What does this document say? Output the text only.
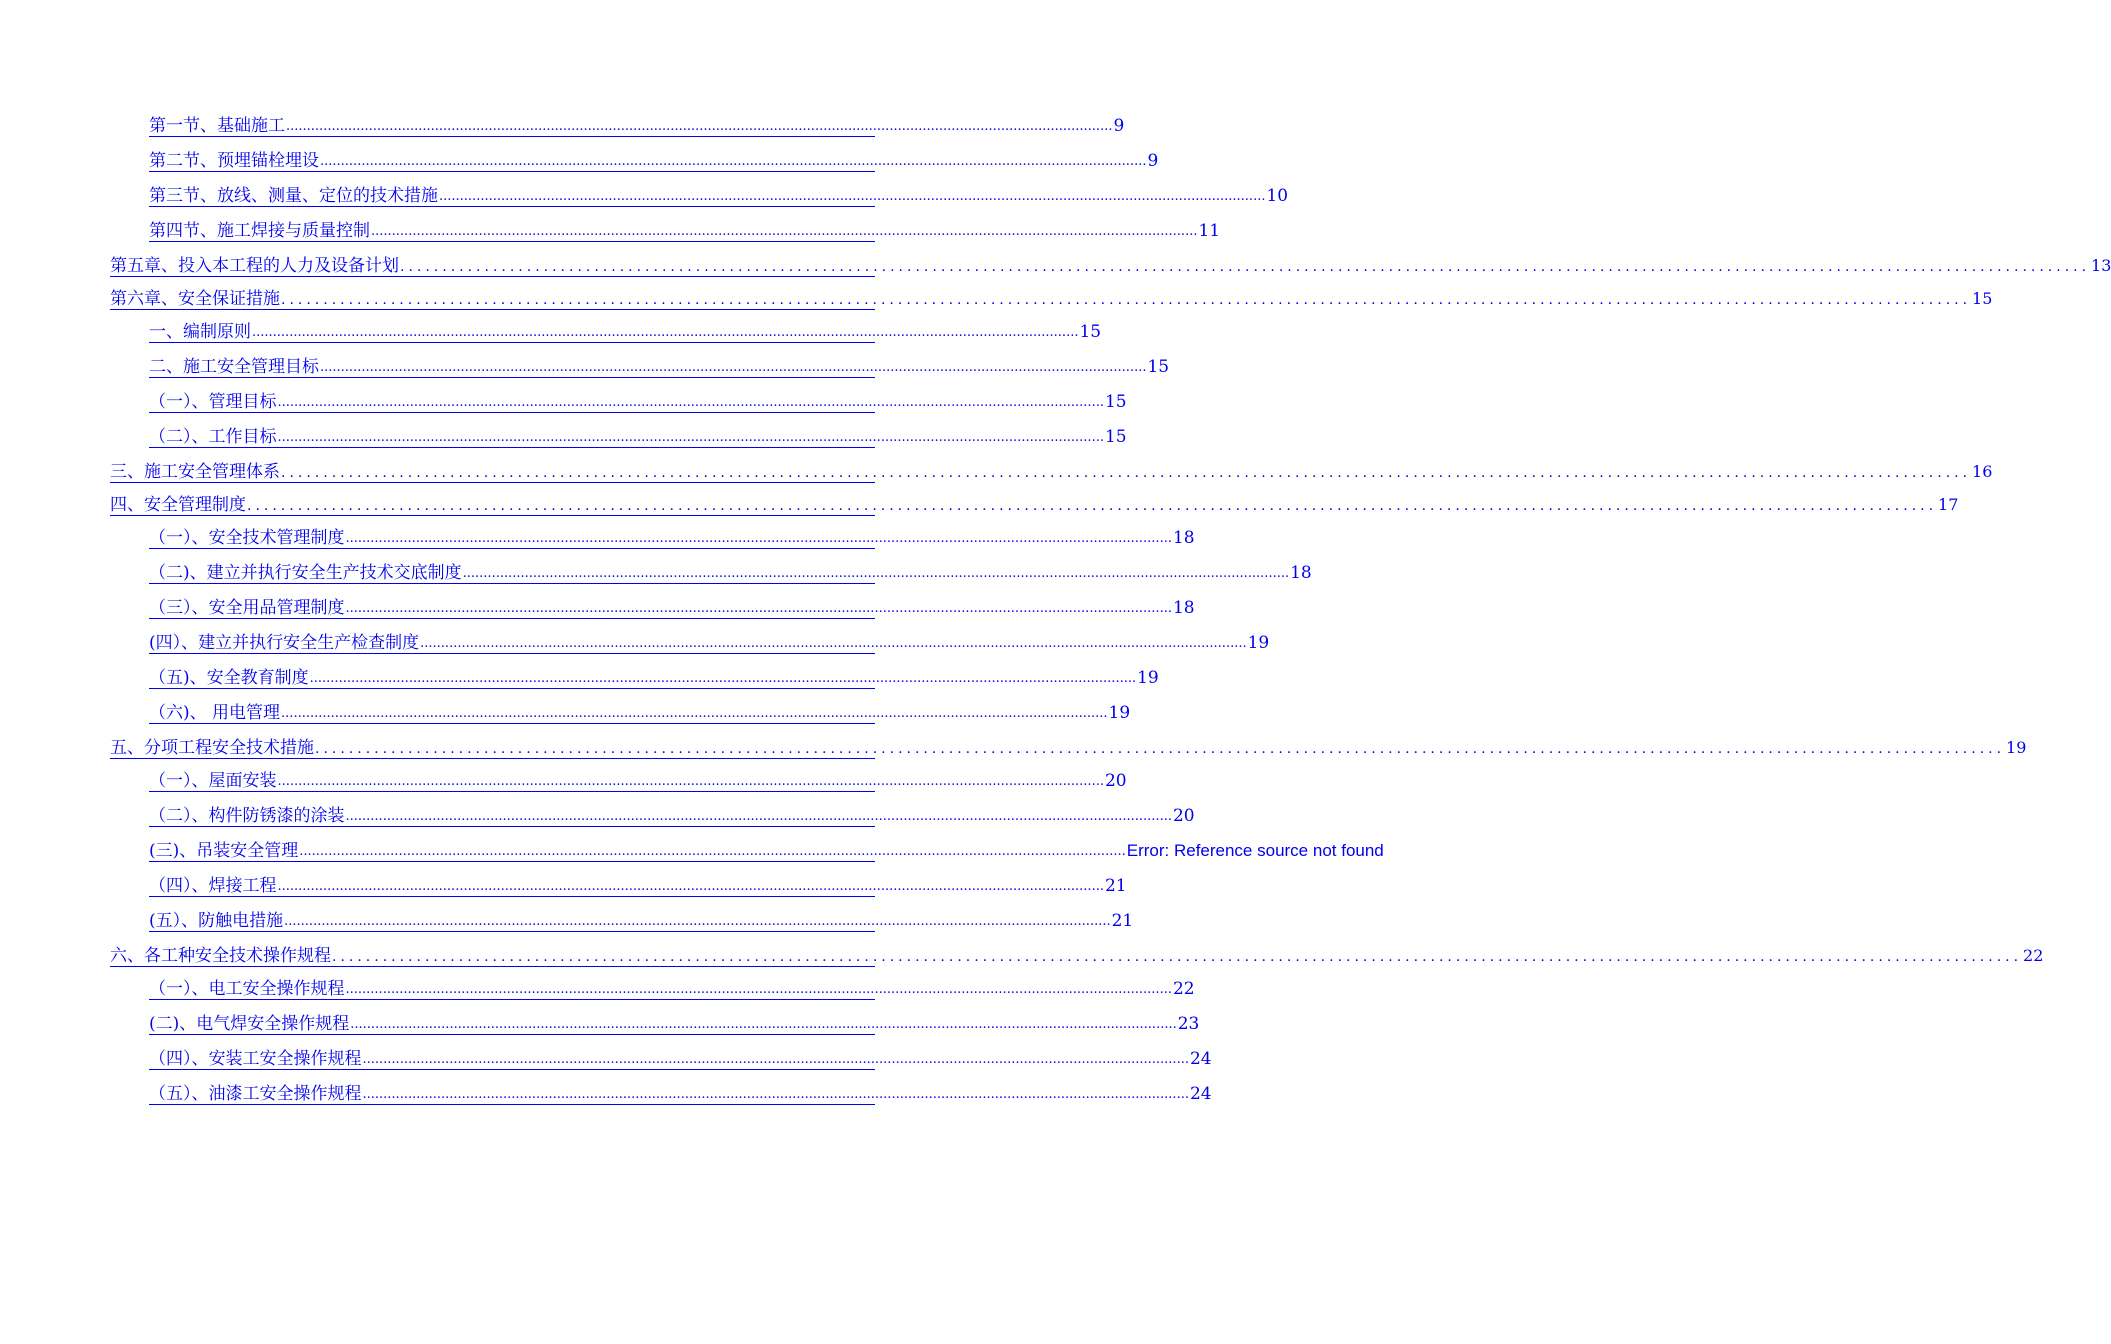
第一节、基础施工 ........................................................................................................................................................................................................ 9
第二节、预埋锚栓埋设 ........................................................................................................................................................................................................ 9
第三节、放线、测量、定位的技术措施 ........................................................................................................................................................................................................ 10
第四节、施工焊接与质量控制 ........................................................................................................................................................................................................ 11
第五章、投入本工程的人力及设备计划 ........................................................................................................................................................................................................ 13
第六章、安全保证措施 ........................................................................................................................................................................................................ 15
一、编制原则 ........................................................................................................................................................................................................ 15
二、施工安全管理目标 ........................................................................................................................................................................................................ 15
（一）、管理目标 ........................................................................................................................................................................................................ 15
（二）、工作目标 ........................................................................................................................................................................................................ 15
三、施工安全管理体系 ........................................................................................................................................................................................................ 16
四、安全管理制度 ........................................................................................................................................................................................................ 17
（一）、安全技术管理制度 ........................................................................................................................................................................................................ 18
（二)、建立并执行安全生产技术交底制度 ........................................................................................................................................................................................................ 18
（三）、安全用品管理制度 ........................................................................................................................................................................................................ 18
(四）、建立并执行安全生产检查制度 ........................................................................................................................................................................................................ 19
（五)、安全教育制度 ........................................................................................................................................................................................................ 19
（六)、 用电管理 ........................................................................................................................................................................................................ 19
五、分项工程安全技术措施 ........................................................................................................................................................................................................ 19
（一）、屋面安装 ........................................................................................................................................................................................................ 20
（二）、构件防锈漆的涂装 ........................................................................................................................................................................................................ 20
(三)、吊装安全管理 ........................................................................................................................................................................................................ Error: Reference source not found
（四）、焊接工程 ........................................................................................................................................................................................................ 21
(五）、防触电措施 ........................................................................................................................................................................................................ 21
六、各工种安全技术操作规程 ........................................................................................................................................................................................................ 22
（一）、电工安全操作规程 ........................................................................................................................................................................................................ 22
(二)、电气焊安全操作规程 ........................................................................................................................................................................................................ 23
（四）、安装工安全操作规程 ........................................................................................................................................................................................................ 24
（五）、油漆工安全操作规程 ........................................................................................................................................................................................................ 24
